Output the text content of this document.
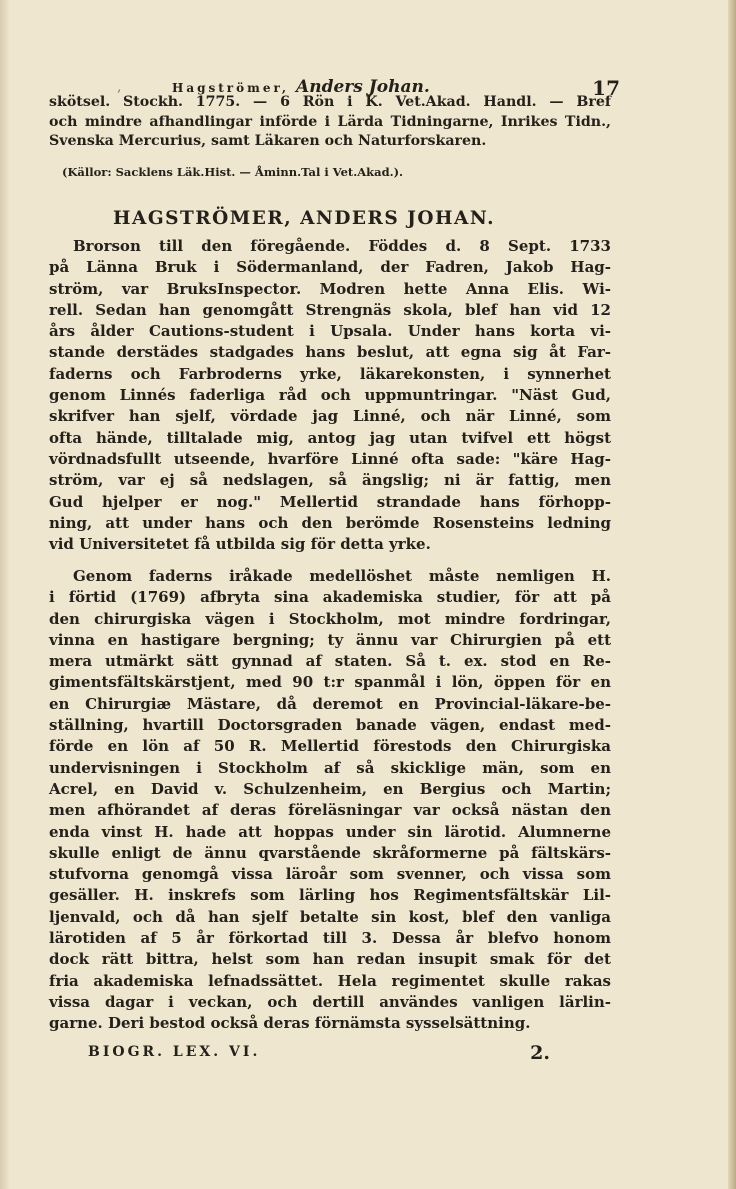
,	Hagströmer, Anders Johan.	17
skötsel. Stockh. 1775. — 6 Rön i K. Vet.Akad. Handl. — Bref
och mindre afhandlingar införde i Lärda Tidningarne, Inrikes Tidn.,
Svenska Mercurius, samt Läkaren och Naturforskaren.
(Källor: Sacklens Läk.Hist. — Åminn.Tal i Vet.Akad.).
HAGSTRÖMER, ANDERS JOHAN.
Brorson till den föregående. Föddes d. 8 Sept. 1733
på Länna Bruk i Södermanland, der Fadren, Jakob Hag-
ström, var BruksInspector. Modren hette Anna Elis. Wi-
rell. Sedan han genomgått Strengnäs skola, blef han vid 12
års ålder Cautions-student i Upsala. Under hans korta vi-
stande derstädes stadgades hans beslut, att egna sig åt Far-
faderns och Farbroderns yrke, läkarekonsten, i synnerhet
genom Linnés faderliga råd och uppmuntringar. "Näst Gud,
skrifver han sjelf, vördade jag Linné, och när Linné, som
ofta hände, tilltalade mig, antog jag utan tvifvel ett högst
vördnadsfullt utseende, hvarföre Linné ofta sade: "käre Hag-
ström, var ej så nedslagen, så ängslig; ni är fattig, men
Gud hjelper er nog." Mellertid strandade hans förhopp-
ning, att under hans och den berömde Rosensteins ledning
vid Universitetet få utbilda sig för detta yrke.
Genom faderns iråkade medellöshet måste nemligen H.
i förtid (1769) afbryta sina akademiska studier, för att på
den chirurgiska vägen i Stockholm, mot mindre fordringar,
vinna en hastigare bergning; ty ännu var Chirurgien på ett
mera utmärkt sätt gynnad af staten. Så t. ex. stod en Re-
gimentsfältskärstjent, med 90 t:r spanmål i lön, öppen för en
en Chirurgiæ Mästare, då deremot en Provincial-läkare-be-
ställning, hvartill Doctorsgraden banade vägen, endast med-
förde en lön af 50 R. Mellertid förestods den Chirurgiska
undervisningen i Stockholm af så skicklige män, som en
Acrel, en David v. Schulzenheim, en Bergius och Martin;
men afhörandet af deras föreläsningar var också nästan den
enda vinst H. hade att hoppas under sin lärotid. Alumnerne
skulle enligt de ännu qvarstående skråformerne på fältskärs-
stufvorna genomgå vissa läroår som svenner, och vissa som
gesäller. H. inskrefs som lärling hos Regimentsfältskär Lil-
ljenvald, och då han sjelf betalte sin kost, blef den vanliga
lärotiden af 5 år förkortad till 3. Dessa år blefvo honom
dock rätt bittra, helst som han redan insupit smak för det
fria akademiska lefnadssättet. Hela regimentet skulle rakas
vissa dagar i veckan, och dertill användes vanligen lärlin-
garne. Deri bestod också deras förnämsta sysselsättning.
BIOGR. LEX. VI.	2.
